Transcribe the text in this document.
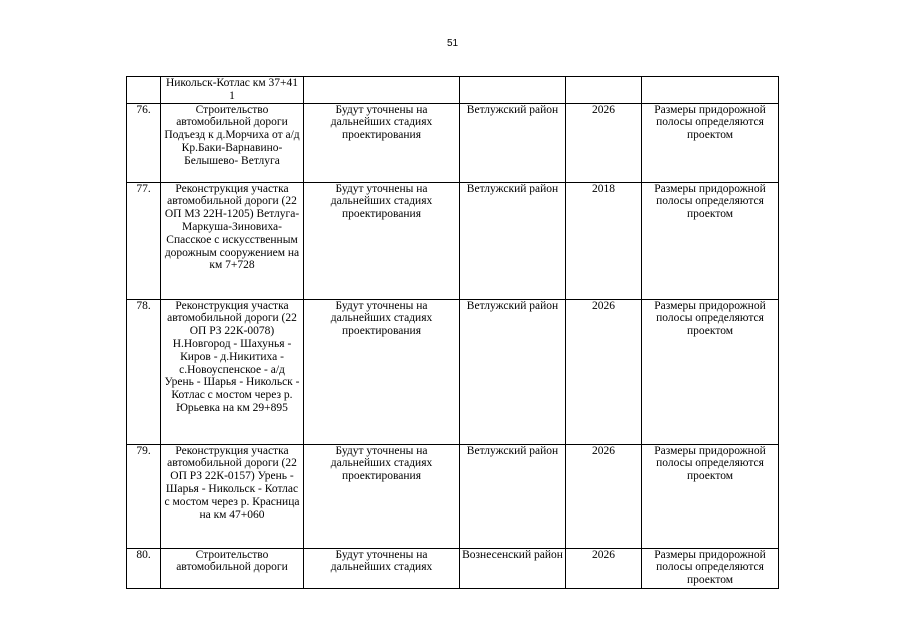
51
	Никольск-Котлас км 37+41 1				
76.	Строительство автомобильной дороги Подъезд к д.Морчиха от а/д Кр.Баки-Варнавино-Белышево- Ветлуга	Будут уточнены на дальнейших стадиях проектирования	Ветлужский район	2026	Размеры придорожной полосы определяются проектом
77.	Реконструкция участка автомобильной дороги (22 ОП МЗ 22Н-1205) Ветлуга-Маркуша-Зиновиха- Спасское с искусственным дорожным сооружением на км 7+728	Будут уточнены на дальнейших стадиях проектирования	Ветлужский район	2018	Размеры придорожной полосы определяются проектом
78.	Реконструкция участка автомобильной дороги (22 ОП РЗ 22К-0078) Н.Новгород - Шахунья - Киров - д.Никитиха - с.Новоуспенское - а/д Урень - Шарья - Никольск - Котлас с мостом через р. Юрьевка на км 29+895	Будут уточнены на дальнейших стадиях проектирования	Ветлужский район	2026	Размеры придорожной полосы определяются проектом
79.	Реконструкция участка автомобильной дороги (22 ОП РЗ 22К-0157) Урень - Шарья - Никольск - Котлас с мостом через р. Красница на км 47+060	Будут уточнены на дальнейших стадиях проектирования	Ветлужский район	2026	Размеры придорожной полосы определяются проектом
80.	Строительство автомобильной дороги	Будут уточнены на дальнейших стадиях	Вознесенский район	2026	Размеры придорожной полосы определяются проектом
